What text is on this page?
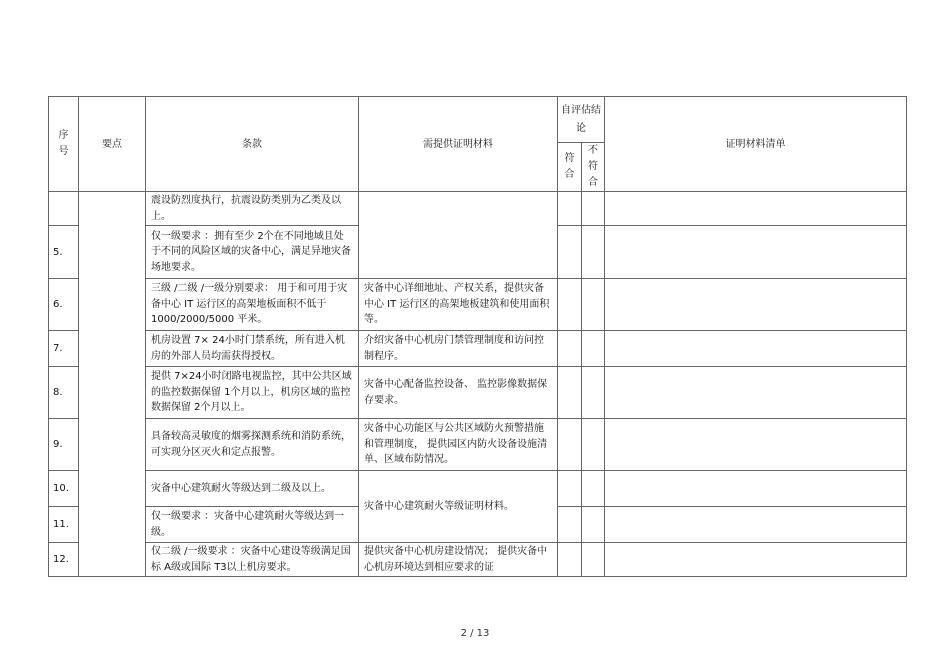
序号	要点	条款	需提供证明材料	自评估结论		证明材料清单
				符合	不符合	
		震设防烈度执行，抗震设防类别为乙类及以上。				
5.		仅一级要求 ：拥有至少 2个在不同地域且处于不同的风险区域的灾备中心，满足异地灾备场地要求。				
6.		三级 /二级 /一级分别要求： 用于和可用于灾备中心 IT 运行区的高架地板面积不低于 1000/2000/5000 平米。	灾备中心详细地址、产权关系，提供灾备中心 IT 运行区的高架地板建筑和使用面积等。			
7.		机房设置 7× 24小时门禁系统，所有进入机房的外部人员均需获得授权。	介绍灾备中心机房门禁管理制度和访问控制程序。			
8.		提供 7×24小时闭路电视监控，其中公共区域的监控数据保留 1个月以上，机房区域的监控数据保留 2个月以上。	灾备中心配备监控设备、 监控影像数据保存要求。			
9.		具备较高灵敏度的烟雾探测系统和消防系统，可实现分区灭火和定点报警。	灾备中心功能区与公共区域防火预警措施和管理制度， 提供园区内防火设备设施清单、区域布防情况。			
10.		灾备中心建筑耐火等级达到二级及以上。	灾备中心建筑耐火等级证明材料。			
11.		仅一级要求 ：灾备中心建筑耐火等级达到一级。				
12.		仅二级 /一级要求 ：灾备中心建设等级满足国标 A级或国际 T3以上机房要求。	提供灾备中心机房建设情况； 提供灾备中心机房环境达到相应要求的证			
2 / 13
